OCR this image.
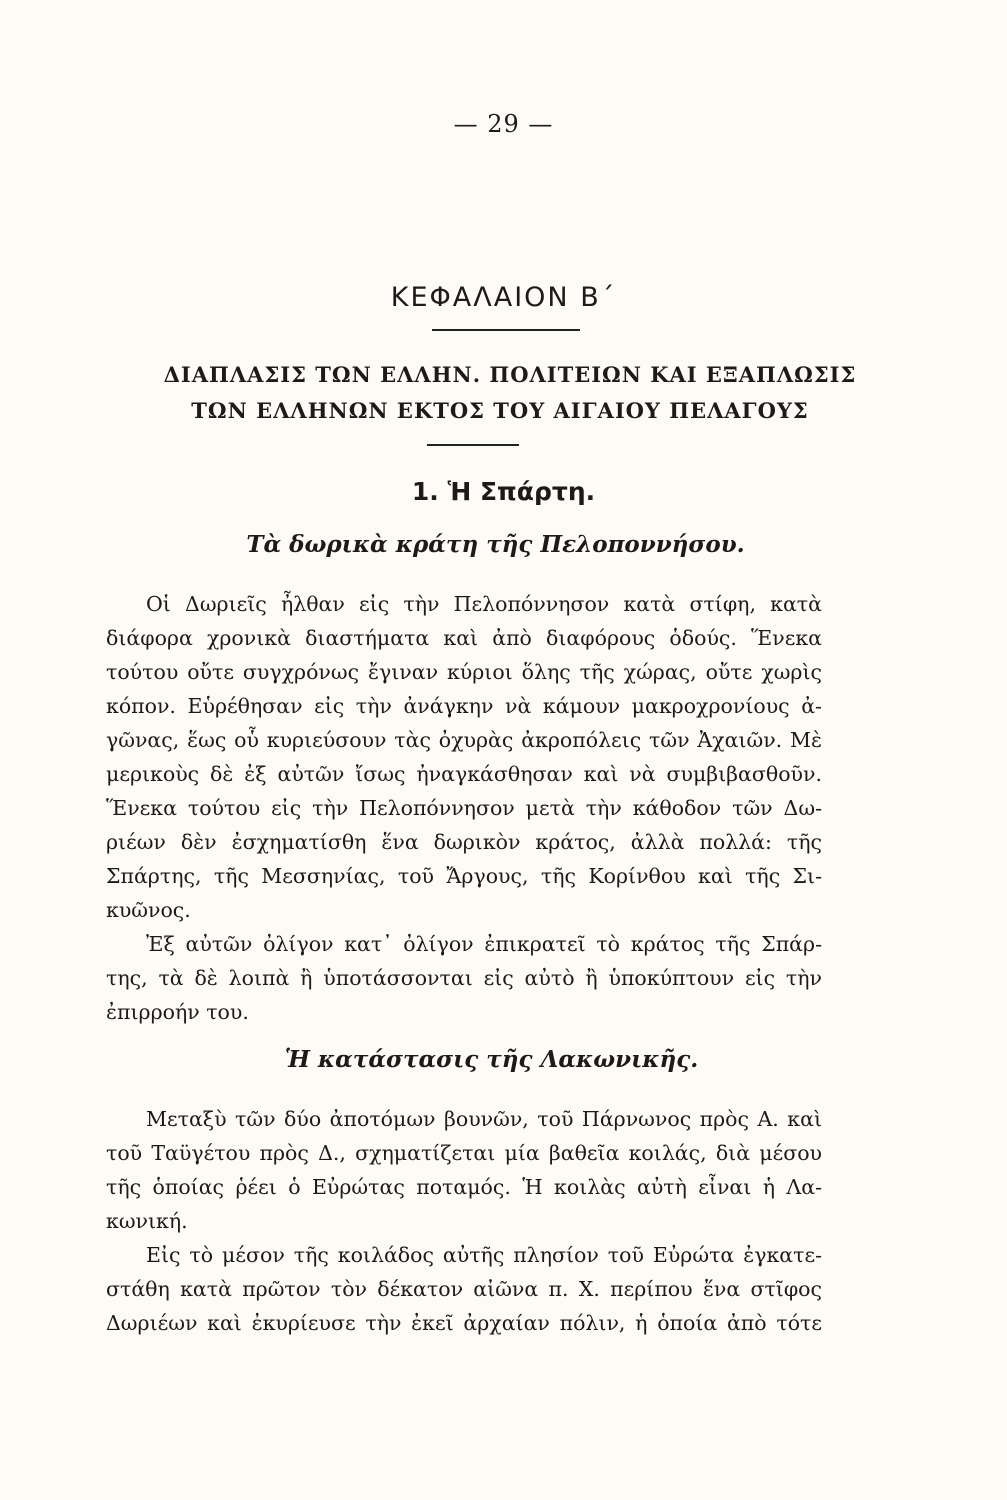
— 29 —
ΚΕΦΑΛΑΙΟΝ Β΄
ΔΙΑΠΛΑΣΙΣ ΤΩΝ ΕΛΛΗΝ. ΠΟΛΙΤΕΙΩΝ ΚΑΙ ΕΞΑΠΛΩΣΙΣ
ΤΩΝ ΕΛΛΗΝΩΝ ΕΚΤΟΣ ΤΟΥ ΑΙΓΑΙΟΥ ΠΕΛΑΓΟΥΣ
1. Ἡ Σπάρτη.
Τὰ δωρικὰ κράτη τῆς Πελοποννήσου.
Οἱ Δωριεῖς ἦλθαν εἰς τὴν Πελοπόννησον κατὰ στίφη, κατὰ
διάφορα χρονικὰ διαστήματα καὶ ἀπὸ διαφόρους ὁδούς. Ἕνεκα
τούτου οὔτε συγχρόνως ἔγιναν κύριοι ὅλης τῆς χώρας, οὔτε χωρὶς
κόπον. Εὑρέθησαν εἰς τὴν ἀνάγκην νὰ κάμουν μακροχρονίους ἀ-
γῶνας, ἕως οὗ κυριεύσουν τὰς ὀχυρὰς ἀκροπόλεις τῶν Ἀχαιῶν. Μὲ
μερικοὺς δὲ ἐξ αὐτῶν ἴσως ἠναγκάσθησαν καὶ νὰ συμβιβασθοῦν.
Ἕνεκα τούτου εἰς τὴν Πελοπόννησον μετὰ τὴν κάθοδον τῶν Δω-
ριέων δὲν ἐσχηματίσθη ἕνα δωρικὸν κράτος, ἀλλὰ πολλά: τῆς
Σπάρτης, τῆς Μεσσηνίας, τοῦ Ἄργους, τῆς Κορίνθου καὶ τῆς Σι-
κυῶνος.
Ἐξ αὐτῶν ὀλίγον κατ᾽ ὀλίγον ἐπικρατεῖ τὸ κράτος τῆς Σπάρ-
της, τὰ δὲ λοιπὰ ἢ ὑποτάσσονται εἰς αὐτὸ ἢ ὑποκύπτουν εἰς τὴν
ἐπιρροήν του.
Ἡ κατάστασις τῆς Λακωνικῆς.
Μεταξὺ τῶν δύο ἀποτόμων βουνῶν, τοῦ Πάρνωνος πρὸς Α. καὶ
τοῦ Ταϋγέτου πρὸς Δ., σχηματίζεται μία βαθεῖα κοιλάς, διὰ μέσου
τῆς ὁποίας ῥέει ὁ Εὐρώτας ποταμός. Ἡ κοιλὰς αὐτὴ εἶναι ἡ Λα-
κωνική.
Εἰς τὸ μέσον τῆς κοιλάδος αὐτῆς πλησίον τοῦ Εὐρώτα ἐγκατε-
στάθη κατὰ πρῶτον τὸν δέκατον αἰῶνα π. Χ. περίπου ἕνα στῖφος
Δωριέων καὶ ἐκυρίευσε τὴν ἐκεῖ ἀρχαίαν πόλιν, ἡ ὁποία ἀπὸ τότε
